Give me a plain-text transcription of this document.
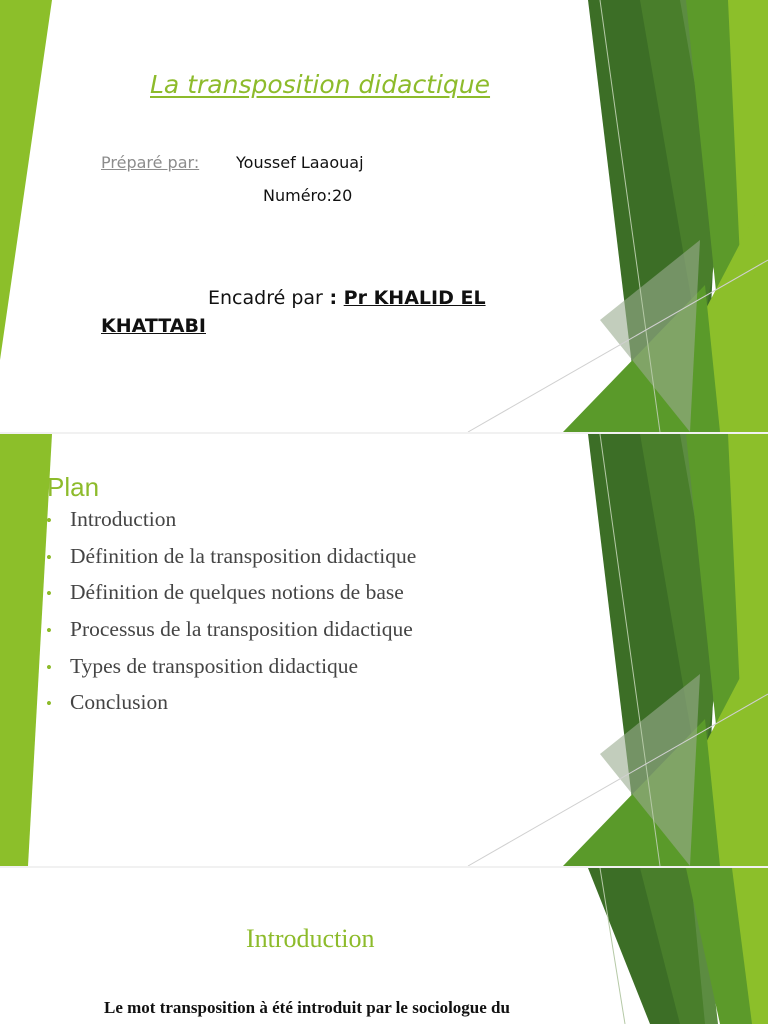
La transposition didactique
Préparé par: Youssef Laaouaj
Numéro:20
Encadré par : Pr KHALID EL KHATTABI
Plan
• Introduction
• Définition de la transposition didactique
• Définition de quelques notions de base
• Processus de la transposition didactique
• Types de transposition didactique
• Conclusion
Introduction
Le mot transposition à été introduit par le sociologue du
